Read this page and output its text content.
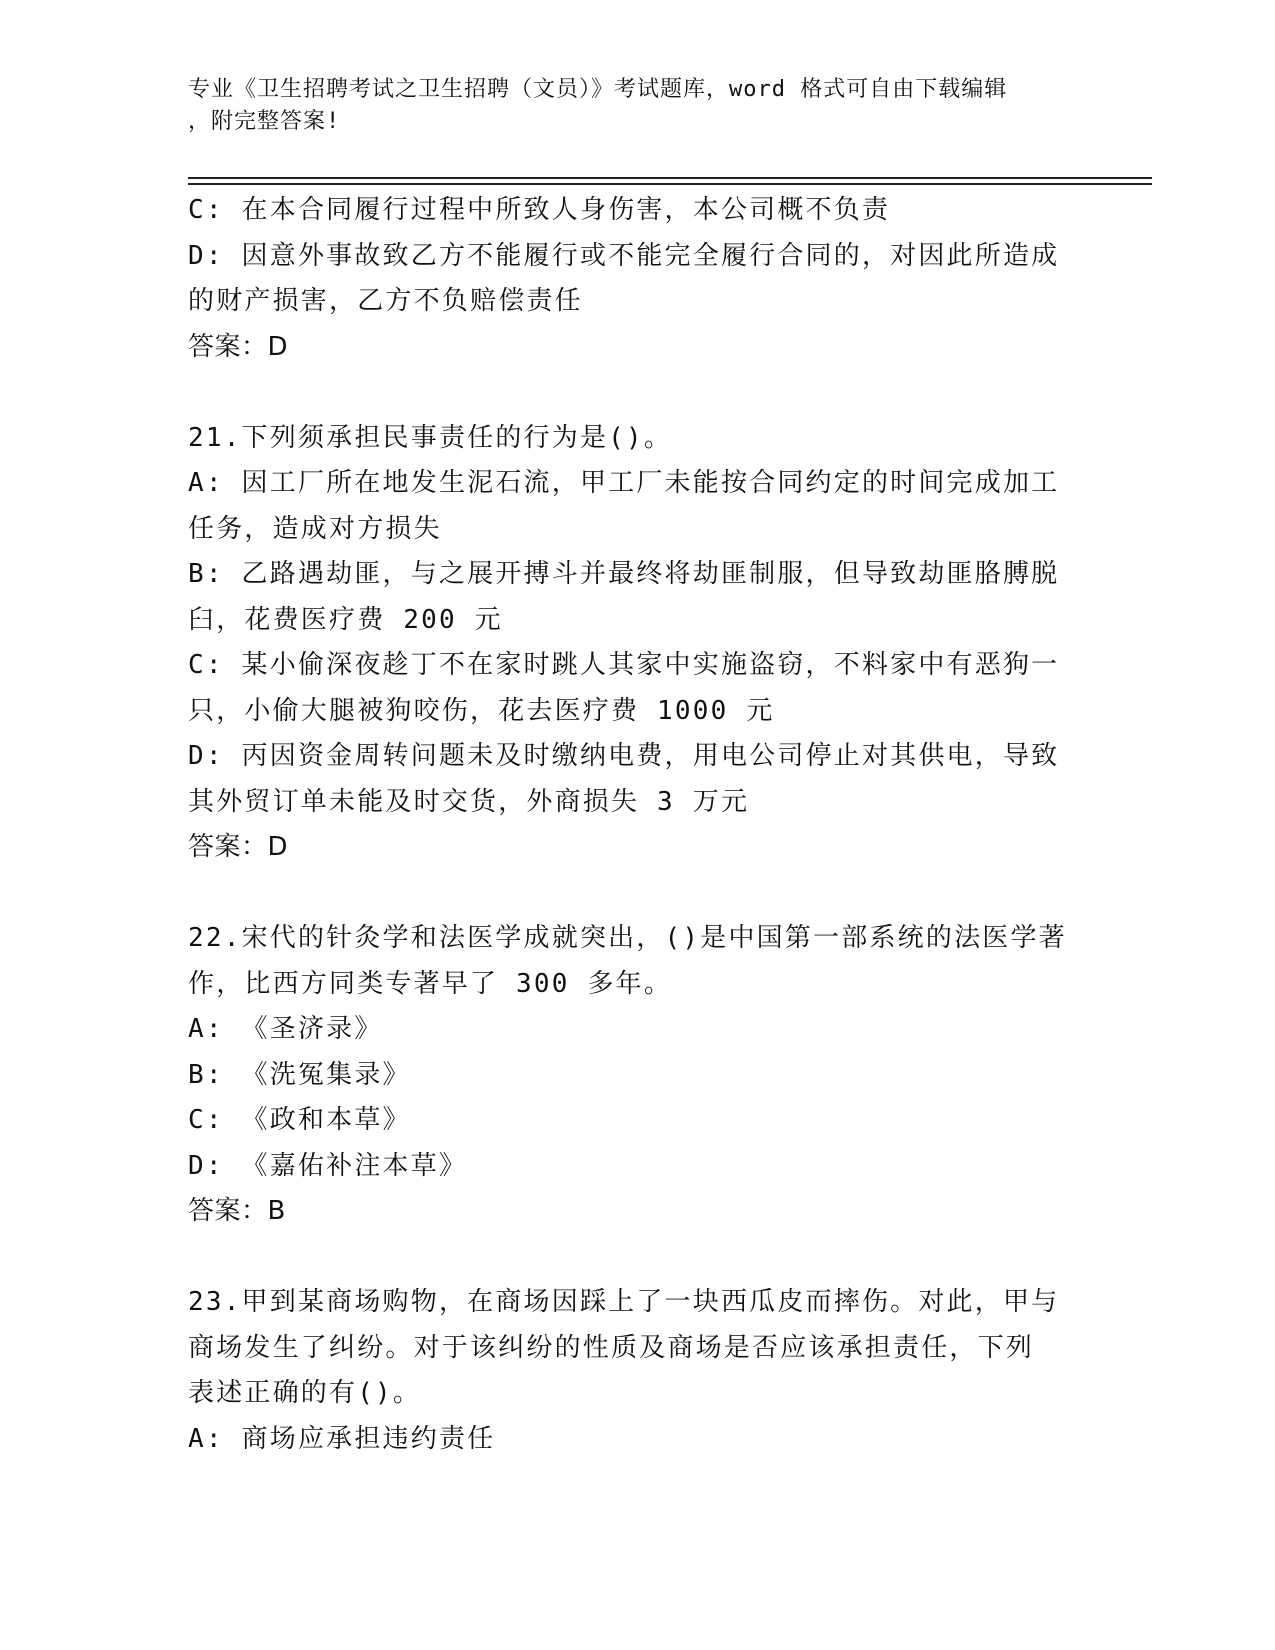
专业《卫生招聘考试之卫生招聘（文员）》考试题库，word 格式可自由下载编辑
，附完整答案!
C: 在本合同履行过程中所致人身伤害，本公司概不负责
D: 因意外事故致乙方不能履行或不能完全履行合同的，对因此所造成
的财产损害，乙方不负赔偿责任
答案：D
21.下列须承担民事责任的行为是()。
A: 因工厂所在地发生泥石流，甲工厂未能按合同约定的时间完成加工
任务，造成对方损失
B: 乙路遇劫匪，与之展开搏斗并最终将劫匪制服，但导致劫匪胳膊脱
臼，花费医疗费 200 元
C: 某小偷深夜趁丁不在家时跳人其家中实施盗窃，不料家中有恶狗一
只，小偷大腿被狗咬伤，花去医疗费 1000 元
D: 丙因资金周转问题未及时缴纳电费，用电公司停止对其供电，导致
其外贸订单未能及时交货，外商损失 3 万元
答案：D
22.宋代的针灸学和法医学成就突出，()是中国第一部系统的法医学著
作，比西方同类专著早了 300 多年。
A: 《圣济录》
B: 《洗冤集录》
C: 《政和本草》
D: 《嘉佑补注本草》
答案：B
23.甲到某商场购物，在商场因踩上了一块西瓜皮而摔伤。对此，甲与
商场发生了纠纷。对于该纠纷的性质及商场是否应该承担责任，下列
表述正确的有()。
A: 商场应承担违约责任
